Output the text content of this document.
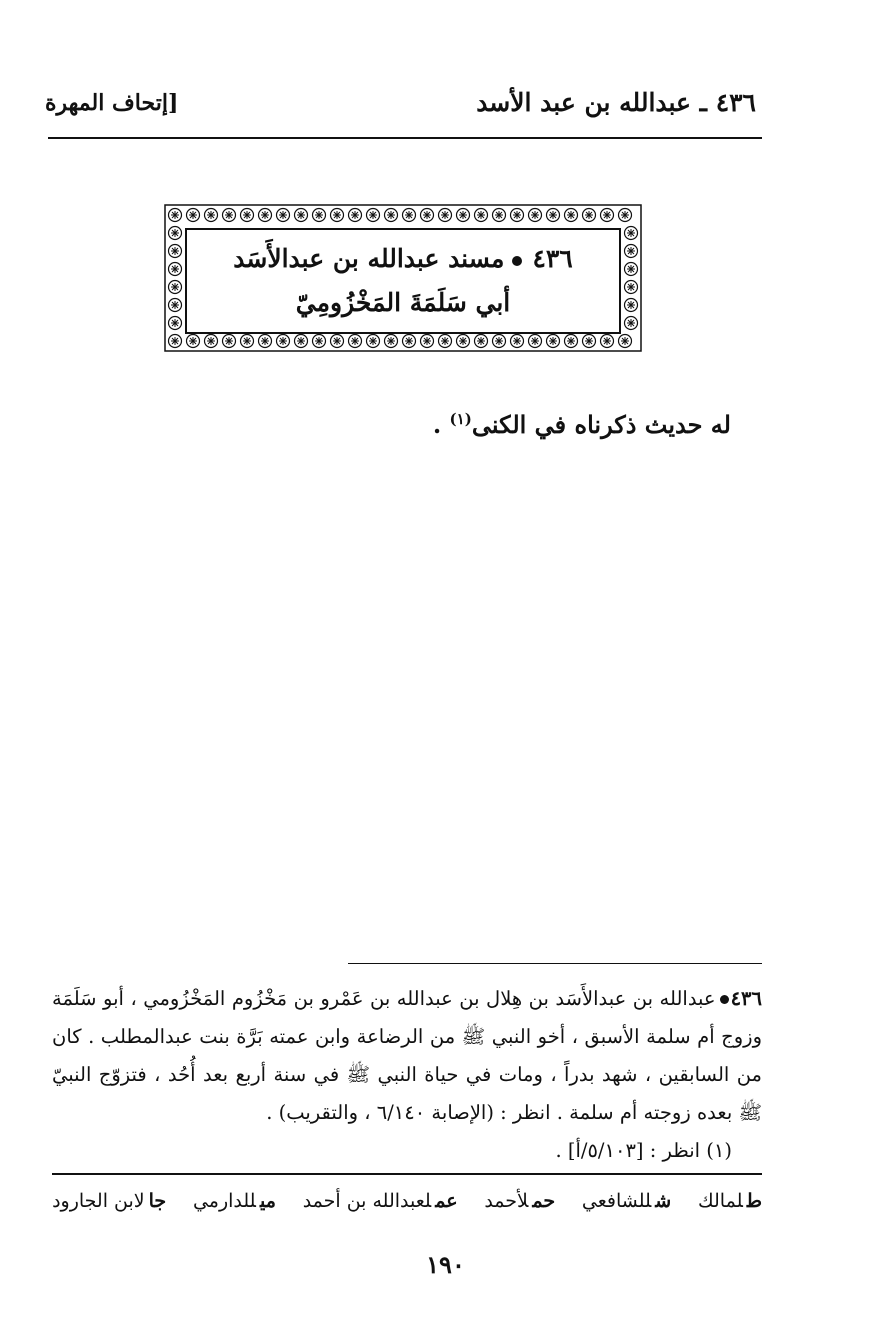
٤٣٦ ـ عبدالله بن عبد الأسد
[إتحاف المهرة
٤٣٦مسند عبدالله بن عبدالأَسَد
أبي سَلَمَةَ المَخْزُومِيّ
له حديث ذكرناه في الكنى$^{(١)}$ .

٤٣٦عبدالله بن عبدالأَسَد بن هِلال بن عبدالله بن عَمْرو بن مَخْزُوم المَخْزُومي ، أبو سَلَمَة وزوج أم سلمة الأسبق ، أخو النبي ﷺ من الرضاعة وابن عمته بَرَّة بنت عبدالمطلب . كان من السابقين ، شهد بدراً ، ومات في حياة النبي ﷺ في سنة أربع بعد أُحُد ، فتزوّج النبيّ ﷺ بعده زوجته أم سلمة . انظر : (الإصابة ٦/١٤٠ ، والتقريب) .

(١) انظر : [٥/١٠٣/أ] .

طلمالك
شللشافعي
حملأحمد
عملعبدالله بن أحمد
ميللدارمي
جالابن الجارود
١٩٠
